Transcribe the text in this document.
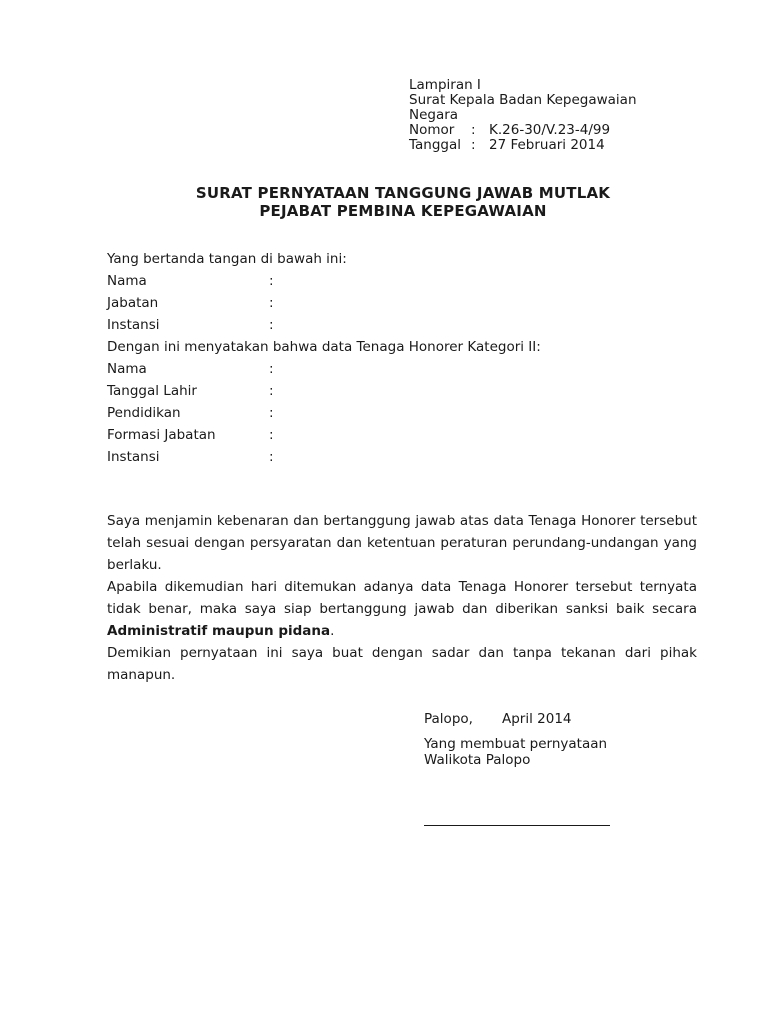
Lampiran I
Surat Kepala Badan Kepegawaian
Negara
Nomor	: K.26-30/V.23-4/99
Tanggal : 27 Februari 2014
SURAT PERNYATAAN TANGGUNG JAWAB MUTLAK
PEJABAT PEMBINA KEPEGAWAIAN
Yang bertanda tangan di bawah ini:
Nama	:
Jabatan	:
Instansi	:
Dengan ini menyatakan bahwa data Tenaga Honorer Kategori II:
Nama	:
Tanggal Lahir	:
Pendidikan	:
Formasi Jabatan	:
Instansi	:

Saya menjamin kebenaran dan bertanggung jawab atas data Tenaga Honorer tersebut telah sesuai dengan persyaratan dan ketentuan peraturan perundang-undangan yang berlaku.

Apabila dikemudian hari ditemukan adanya data Tenaga Honorer tersebut ternyata tidak benar, maka saya siap bertanggung jawab dan diberikan sanksi baik secara Administratif maupun pidana.

Demikian pernyataan ini saya buat dengan sadar dan tanpa tekanan dari pihak manapun.

Palopo,	April 2014
Yang membuat pernyataan
Walikota Palopo
